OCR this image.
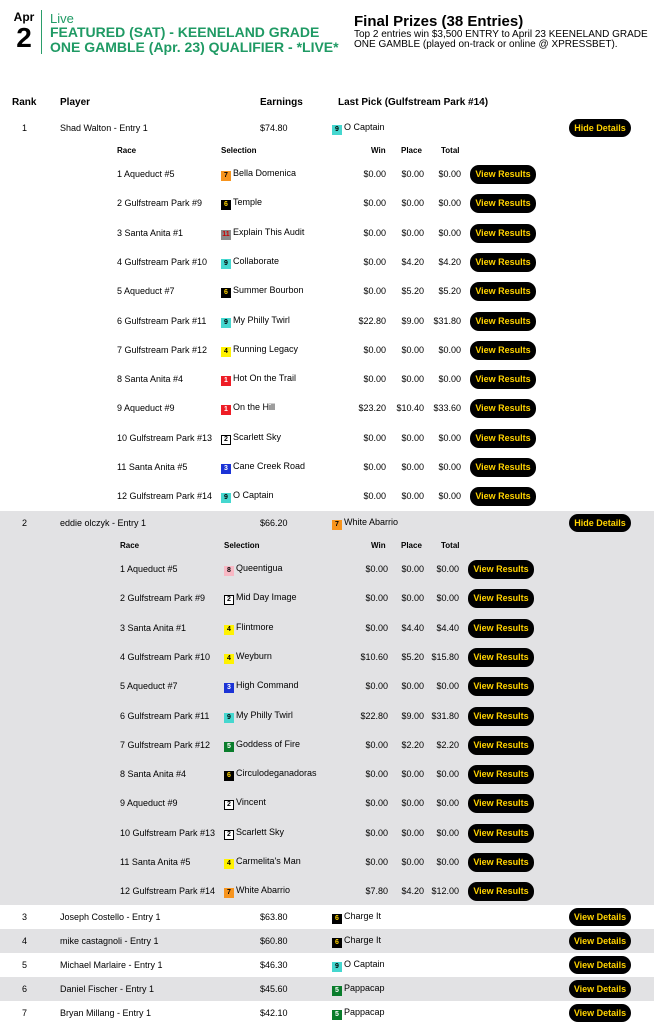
Apr
2
Live
FEATURED (SAT) - KEENELAND GRADE ONE GAMBLE (Apr. 23) QUALIFIER - *LIVE*
Final Prizes (38 Entries)
Top 2 entries win $3,500 ENTRY to April 23 KEENELAND GRADE ONE GAMBLE (played on-track or online @ XPRESSBET).
Rank Player	Earnings	Last Pick (Gulfstream Park #14)
1	Shad Walton - Entry 1	$74.80	9 O Captain	Hide Details
Race	Selection	Win Place Total
1 Aqueduct #5	7 Bella Domenica	$0.00 $0.00 $0.00	View Results
2 Gulfstream Park #9	6 Temple	$0.00 $0.00 $0.00	View Results
3 Santa Anita #1	11 Explain This Audit	$0.00 $0.00 $0.00	View Results
4 Gulfstream Park #10	9 Collaborate	$0.00 $4.20 $4.20	View Results
5 Aqueduct #7	6 Summer Bourbon	$0.00 $5.20 $5.20	View Results
6 Gulfstream Park #11	9 My Philly Twirl	$22.80 $9.00 $31.80	View Results
7 Gulfstream Park #12	4 Running Legacy	$0.00 $0.00 $0.00	View Results
8 Santa Anita #4	1 Hot On the Trail	$0.00 $0.00 $0.00	View Results
9 Aqueduct #9	1 On the Hill	$23.20 $10.40 $33.60	View Results
10 Gulfstream Park #13	2 Scarlett Sky	$0.00 $0.00 $0.00	View Results
11 Santa Anita #5	3 Cane Creek Road	$0.00 $0.00 $0.00	View Results
12 Gulfstream Park #14	9 O Captain	$0.00 $0.00 $0.00	View Results
2	eddie olczyk - Entry 1	$66.20	7 White Abarrio	Hide Details
Race	Selection	Win Place Total
1 Aqueduct #5	8 Queentigua	$0.00 $0.00 $0.00	View Results
2 Gulfstream Park #9	2 Mid Day Image	$0.00 $0.00 $0.00	View Results
3 Santa Anita #1	4 Flintmore	$0.00 $4.40 $4.40	View Results
4 Gulfstream Park #10	4 Weyburn	$10.60 $5.20 $15.80	View Results
5 Aqueduct #7	3 High Command	$0.00 $0.00 $0.00	View Results
6 Gulfstream Park #11	9 My Philly Twirl	$22.80 $9.00 $31.80	View Results
7 Gulfstream Park #12	5 Goddess of Fire	$0.00 $2.20 $2.20	View Results
8 Santa Anita #4	6 Circulodeganadoras	$0.00 $0.00 $0.00	View Results
9 Aqueduct #9	2 Vincent	$0.00 $0.00 $0.00	View Results
10 Gulfstream Park #13	2 Scarlett Sky	$0.00 $0.00 $0.00	View Results
11 Santa Anita #5	4 Carmelita's Man	$0.00 $0.00 $0.00	View Results
12 Gulfstream Park #14	7 White Abarrio	$7.80 $4.20 $12.00	View Results
3	Joseph Costello - Entry 1	$63.80	6 Charge It	View Details
4	mike castagnoli - Entry 1	$60.80	6 Charge It	View Details
5	Michael Marlaire - Entry 1	$46.30	9 O Captain	View Details
6	Daniel Fischer - Entry 1	$45.60	5 Pappacap	View Details
7	Bryan Millang - Entry 1	$42.10	5 Pappacap	View Details
